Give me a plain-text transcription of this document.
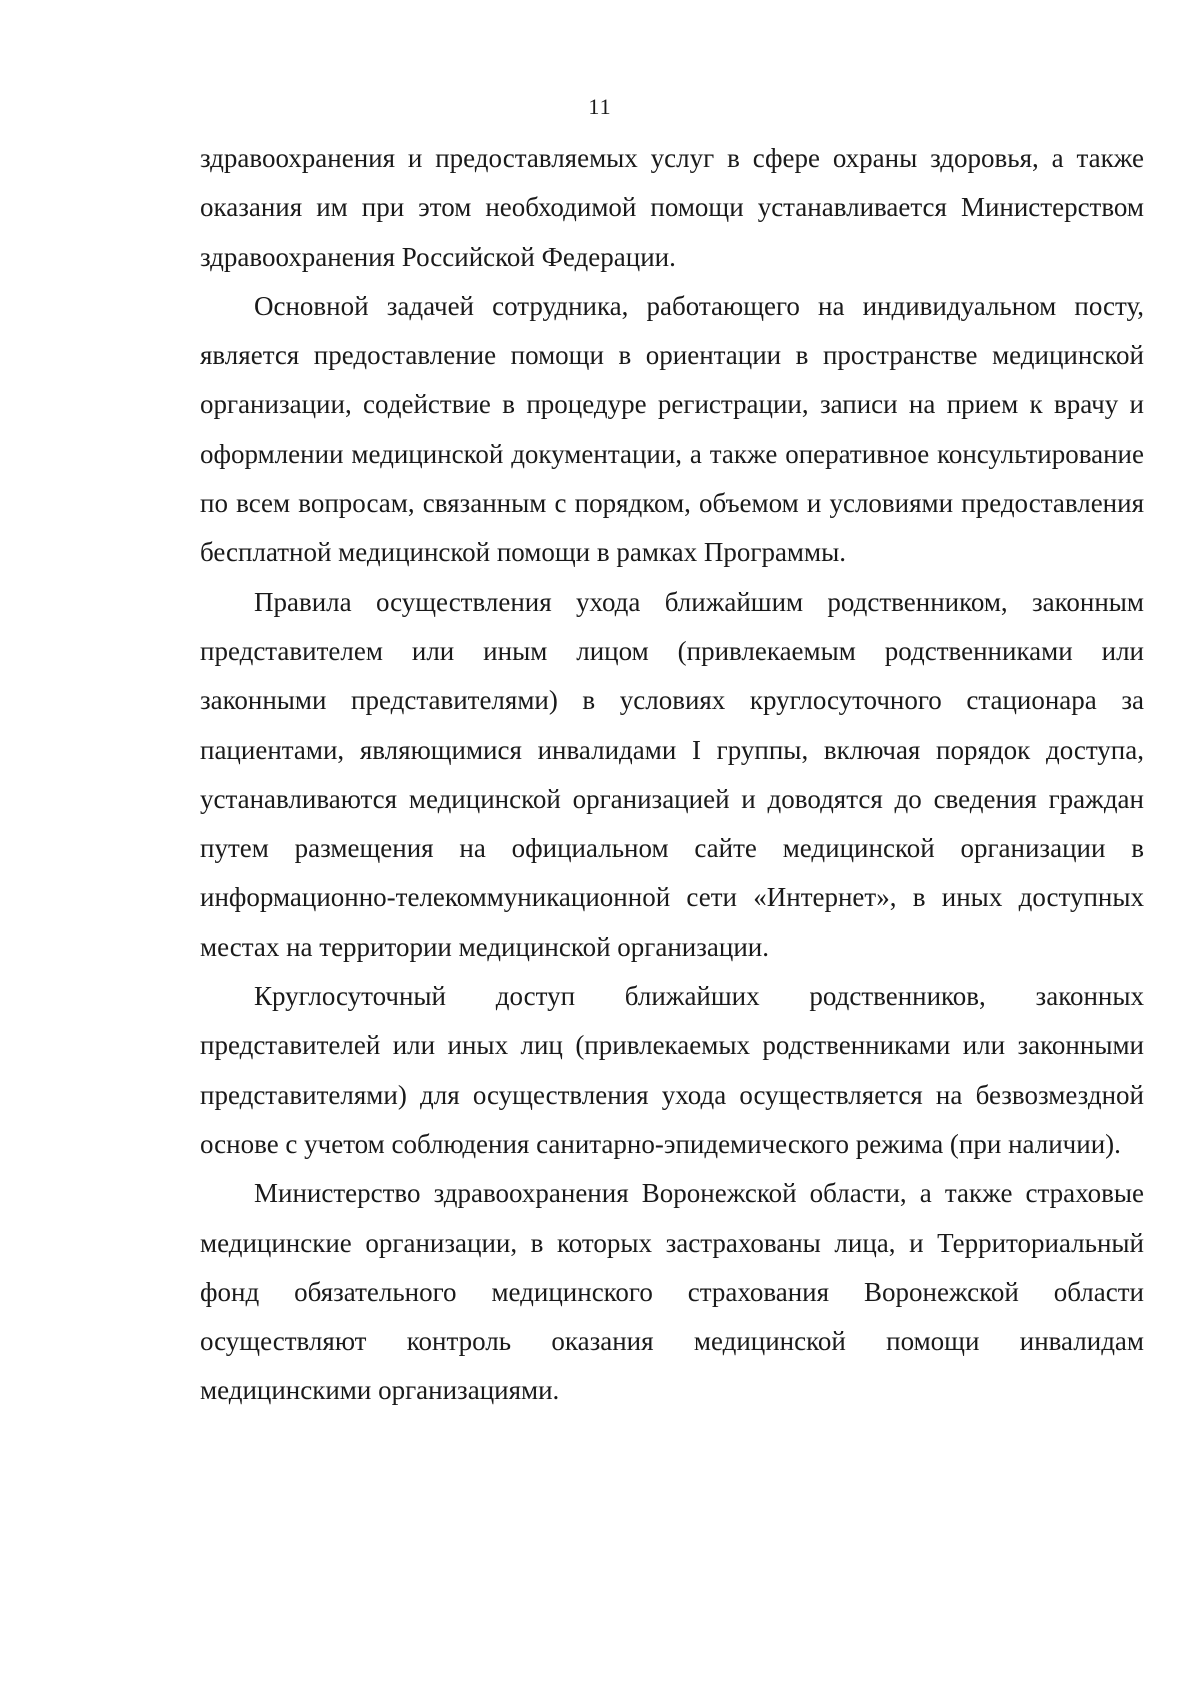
11

здравоохранения и предоставляемых услуг в сфере охраны здоровья, а также оказания им при этом необходимой помощи устанавливается Министерством здравоохранения Российской Федерации.

Основной задачей сотрудника, работающего на индивидуальном посту, является предоставление помощи в ориентации в пространстве медицинской организации, содействие в процедуре регистрации, записи на прием к врачу и оформлении медицинской документации, а также оперативное консультирование по всем вопросам, связанным с порядком, объемом и условиями предоставления бесплатной медицинской помощи в рамках Программы.

Правила осуществления ухода ближайшим родственником, законным представителем или иным лицом (привлекаемым родственниками или законными представителями) в условиях круглосуточного стационара за пациентами, являющимися инвалидами I группы, включая порядок доступа, устанавливаются медицинской организацией и доводятся до сведения граждан путем размещения на официальном сайте медицинской организации в информационно-телекоммуникационной сети «Интернет», в иных доступных местах на территории медицинской организации.

Круглосуточный доступ ближайших родственников, законных представителей или иных лиц (привлекаемых родственниками или законными представителями) для осуществления ухода осуществляется на безвозмездной основе с учетом соблюдения санитарно-эпидемического режима (при наличии).

Министерство здравоохранения Воронежской области, а также страховые медицинские организации, в которых застрахованы лица, и Территориальный фонд обязательного медицинского страхования Воронежской области осуществляют контроль оказания медицинской помощи инвалидам медицинскими организациями.
